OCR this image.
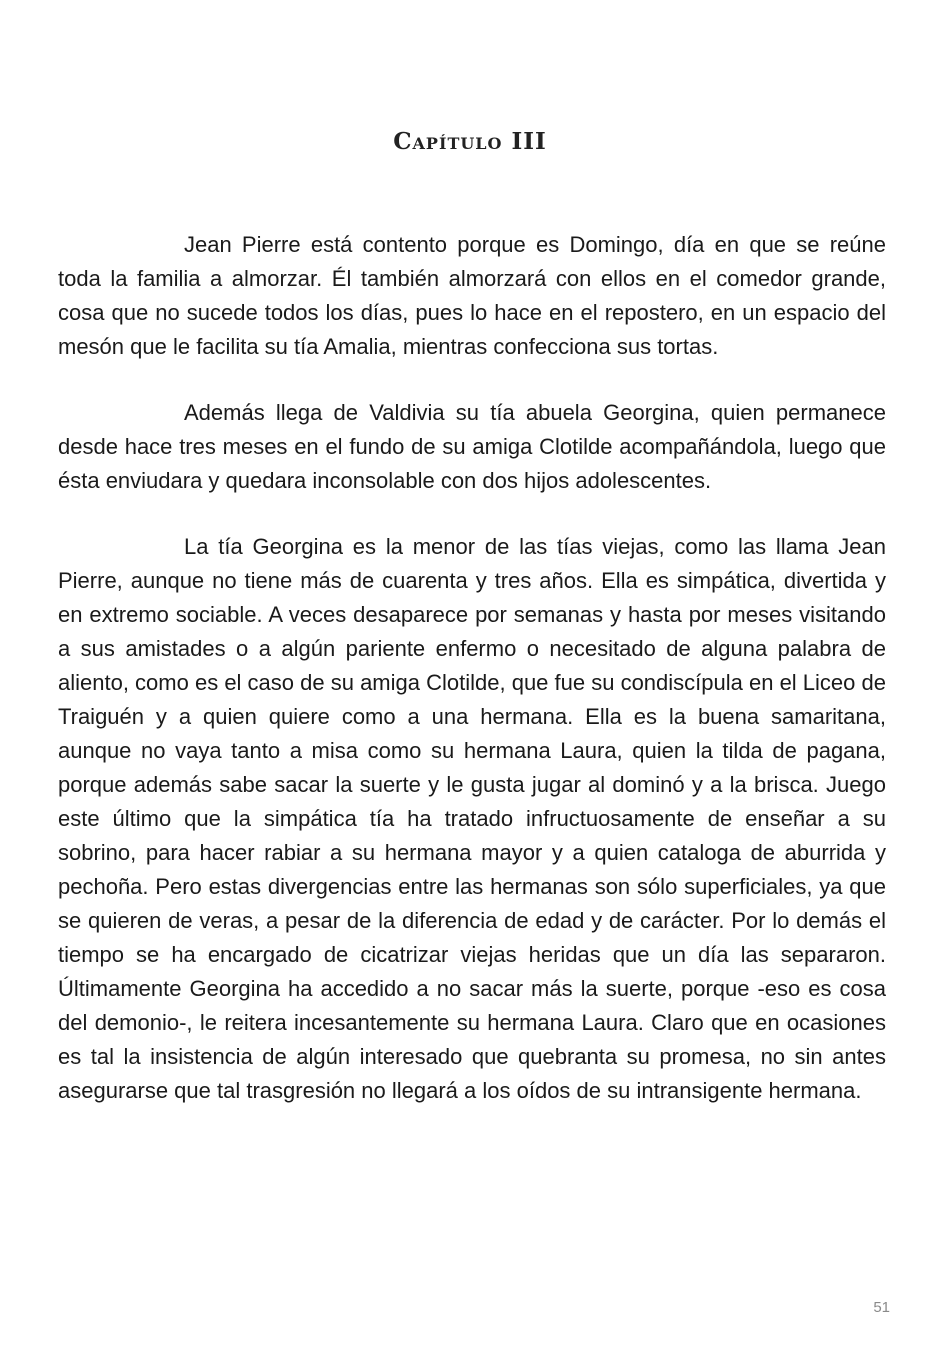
Capítulo III

Jean Pierre está contento porque es Domingo, día en que se reúne toda la familia a almorzar. Él también almorzará con ellos en el comedor grande, cosa que no sucede todos los días, pues lo hace en el repostero, en un espacio del mesón que le facilita su tía Amalia, mientras confecciona sus tortas.

Además llega de Valdivia su tía abuela Georgina, quien permanece desde hace tres meses en el fundo de su amiga Clotilde acompañándola, luego que ésta enviudara y quedara inconsolable con dos hijos adolescentes.

La tía Georgina es la menor de las tías viejas, como las llama Jean Pierre, aunque no tiene más de cuarenta y tres años. Ella es simpática, divertida y en extremo sociable. A veces desaparece por semanas y hasta por meses visitando a sus amistades o a algún pariente enfermo o necesitado de alguna palabra de aliento, como es el caso de su amiga Clotilde, que fue su condiscípula en el Liceo de Traiguén y a quien quiere como a una hermana. Ella es la buena samaritana, aunque no vaya tanto a misa como su hermana Laura, quien la tilda de pagana, porque además sabe sacar la suerte y le gusta jugar al dominó y a la brisca. Juego este último que la simpática tía ha tratado infructuosamente de enseñar a su sobrino, para hacer rabiar a su hermana mayor y a quien cataloga de aburrida y pechoña. Pero estas divergencias entre las hermanas son sólo superficiales, ya que se quieren de veras, a pesar de la diferencia de edad y de carácter. Por lo demás el tiempo se ha encargado de cicatrizar viejas heridas que un día las separaron. Últimamente Georgina ha accedido a no sacar más la suerte, porque -eso es cosa del demonio-, le reitera incesantemente su hermana Laura. Claro que en ocasiones es tal la insistencia de algún interesado que quebranta su promesa, no sin antes asegurarse que tal trasgresión no llegará a los oídos de su intransigente hermana.

51
